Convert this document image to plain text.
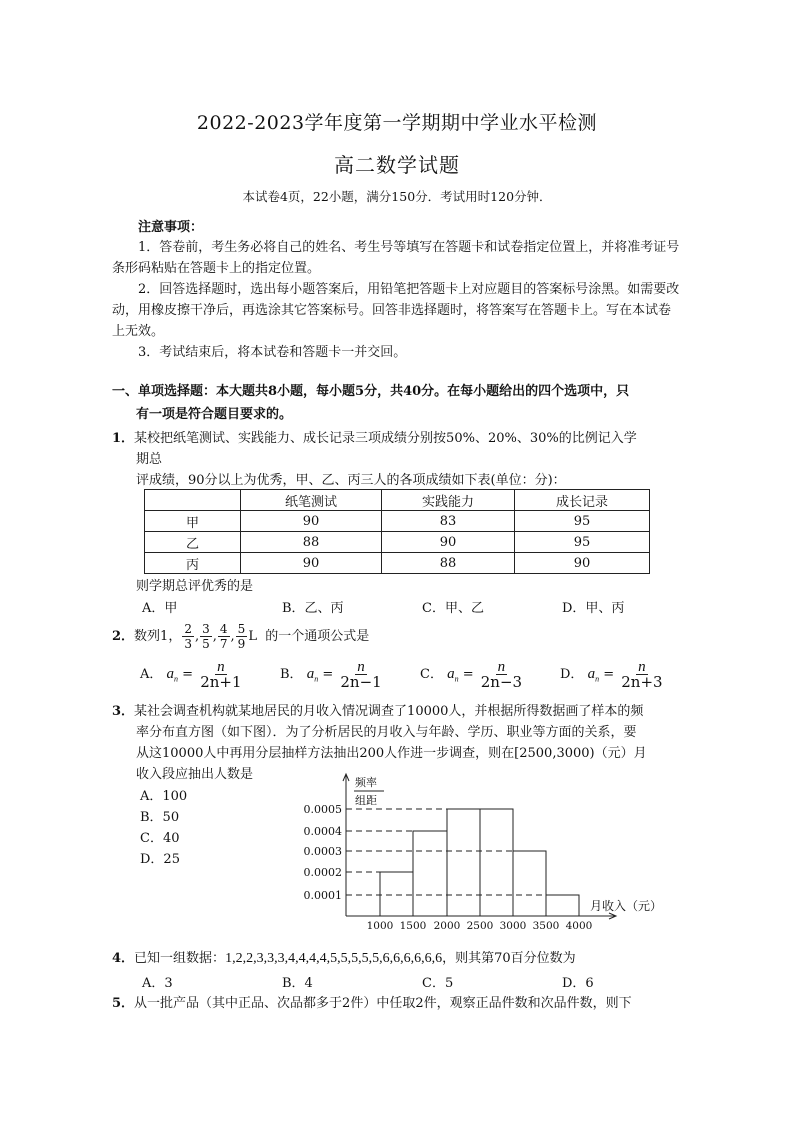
2022-2023学年度第一学期期中学业水平检测
高二数学试题
本试卷4页，22小题，满分150分．考试用时120分钟．
注意事项：
1．答卷前，考生务必将自己的姓名、考生号等填写在答题卡和试卷指定位置上，并将准考证号条形码粘贴在答题卡上的指定位置。
2．回答选择题时，选出每小题答案后，用铅笔把答题卡上对应题目的答案标号涂黑。如需要改动，用橡皮擦干净后，再选涂其它答案标号。回答非选择题时，将答案写在答题卡上。写在本试卷上无效。
3．考试结束后，将本试卷和答题卡一并交回。
一、单项选择题：本大题共8小题，每小题5分，共40分。在每小题给出的四个选项中，只
有一项是符合题目要求的。
1．某校把纸笔测试、实践能力、成长记录三项成绩分别按50%、20%、30%的比例记入学
期总
评成绩，90分以上为优秀，甲、乙、丙三人的各项成绩如下表(单位：分)：
	纸笔测试	实践能力	成长记录
甲	90	83	95
乙	88	90	95
丙	90	88	90
则学期总评优秀的是
A．甲	B．乙、丙	C．甲、乙	D．甲、丙
2．数列1， $\frac{2}{3}$ , $\frac{3}{5}$ , $\frac{4}{7}$ , $\frac{5}{9}$ L 的一个通项公式是
A． $a_n = \frac{n}{2n+1}$	B． $a_n = \frac{n}{2n-1}$	C． $a_n = \frac{n}{2n-3}$	D． $a_n = \frac{n}{2n+3}$
3．某社会调查机构就某地居民的月收入情况调查了10000人，并根据所得数据画了样本的频
率分布直方图（如下图）．为了分析居民的月收入与年龄、学历、职业等方面的关系，要
从这10000人中再用分层抽样方法抽出200人作进一步调查，则在[2500,3000)（元）月
收入段应抽出人数是
A．100
B．50
C．40
D．25
频率
组距
0.0005
0.0004
0.0003
0.0002
0.0001
1000 1500 2000 2500 3000 3500 4000
月收入（元）
4．已知一组数据：1,2,2,3,3,3,4,4,4,4,5,5,5,5,5,6,6,6,6,6,6，则其第70百分位数为
A．3	B．4	C．5	D．6
5．从一批产品（其中正品、次品都多于2件）中任取2件，观察正品件数和次品件数，则下
